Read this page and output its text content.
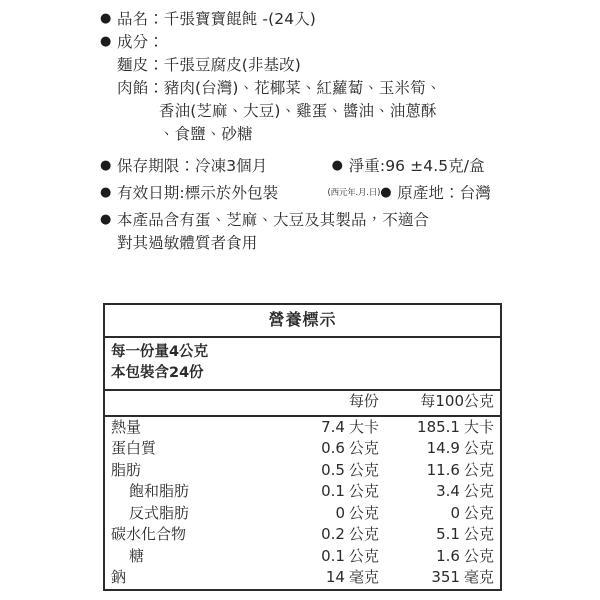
● 品名：千張寶寶餛飩 -(24入)
● 成分：
麵皮：千張豆腐皮(非基改)
肉餡：豬肉(台灣)、花椰菜、紅蘿蔔、玉米筍、
香油(芝麻、大豆)、雞蛋、醬油、油蔥酥
、食鹽、砂糖
● 保存期限：冷凍3個月	● 淨重:96 ±4.5克/盒
● 有效日期:標示於外包裝	(西元年.月.日) ● 原產地：台灣
● 本產品含有蛋、芝麻、大豆及其製品，不適合
對其過敏體質者食用
營養標示
每一份量4公克
本包裝含24份
	每份	每100公克
熱量	7.4 大卡	185.1 大卡
蛋白質	0.6 公克	14.9 公克
脂肪	0.5 公克	11.6 公克
飽和脂肪	0.1 公克	3.4 公克
反式脂肪	0 公克	0 公克
碳水化合物	0.2 公克	5.1 公克
糖	0.1 公克	1.6 公克
鈉	14 毫克	351 毫克
